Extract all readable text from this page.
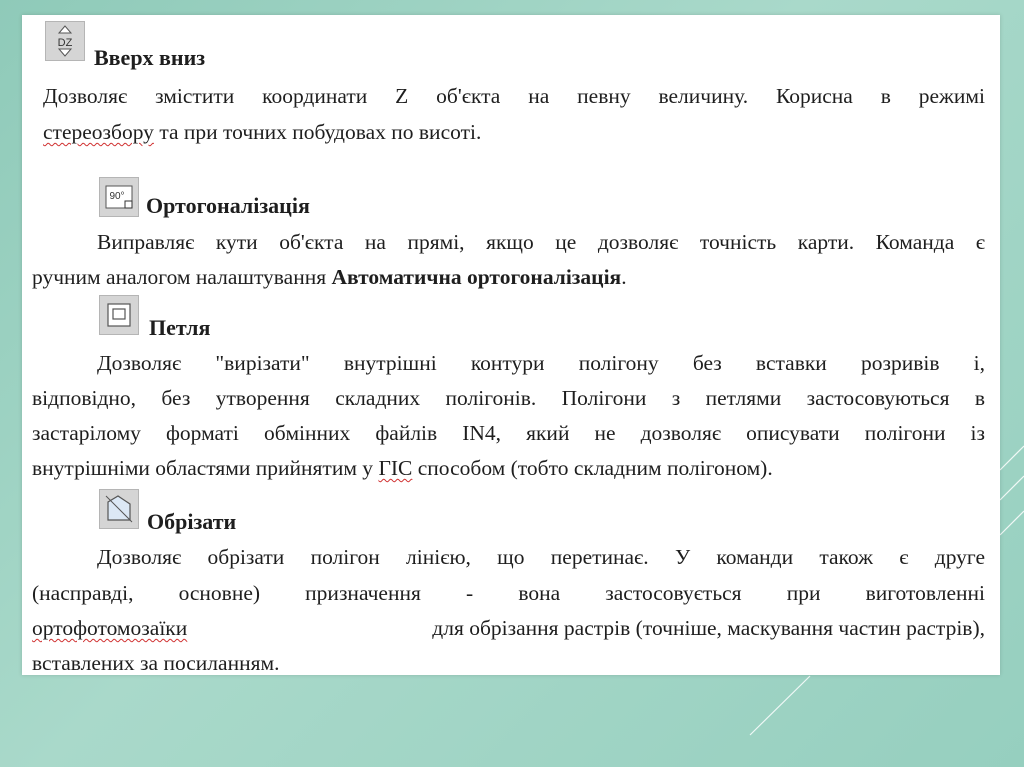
DZ
Вверх вниз
Дозволяє змістити координати Z об'єкта на певну величину. Корисна в режимі
стереозбору та при точних побудовах по висоті.
90° Ортогоналізація
Виправляє кути об'єкта на прямі, якщо це дозволяє точність карти. Команда є
ручним аналогом налаштування Автоматична ортогоналізація.
Петля
Дозволяє "вирізати" внутрішні контури полігону без вставки розривів і,
відповідно, без утворення складних полігонів. Полігони з петлями застосовуються в
застарілому форматі обмінних файлів IN4, який не дозволяє описувати полігони із
внутрішніми областями прийнятим у ГІС способом (тобто складним полігоном).
Обрізати
Дозволяє обрізати полігон лінією, що перетинає. У команди також є друге
(насправді, основне) призначення - вона застосовується при виготовленні
ортофотомозаїки	для обрізання растрів (точніше, маскування частин растрів),
вставлених за посиланням.
